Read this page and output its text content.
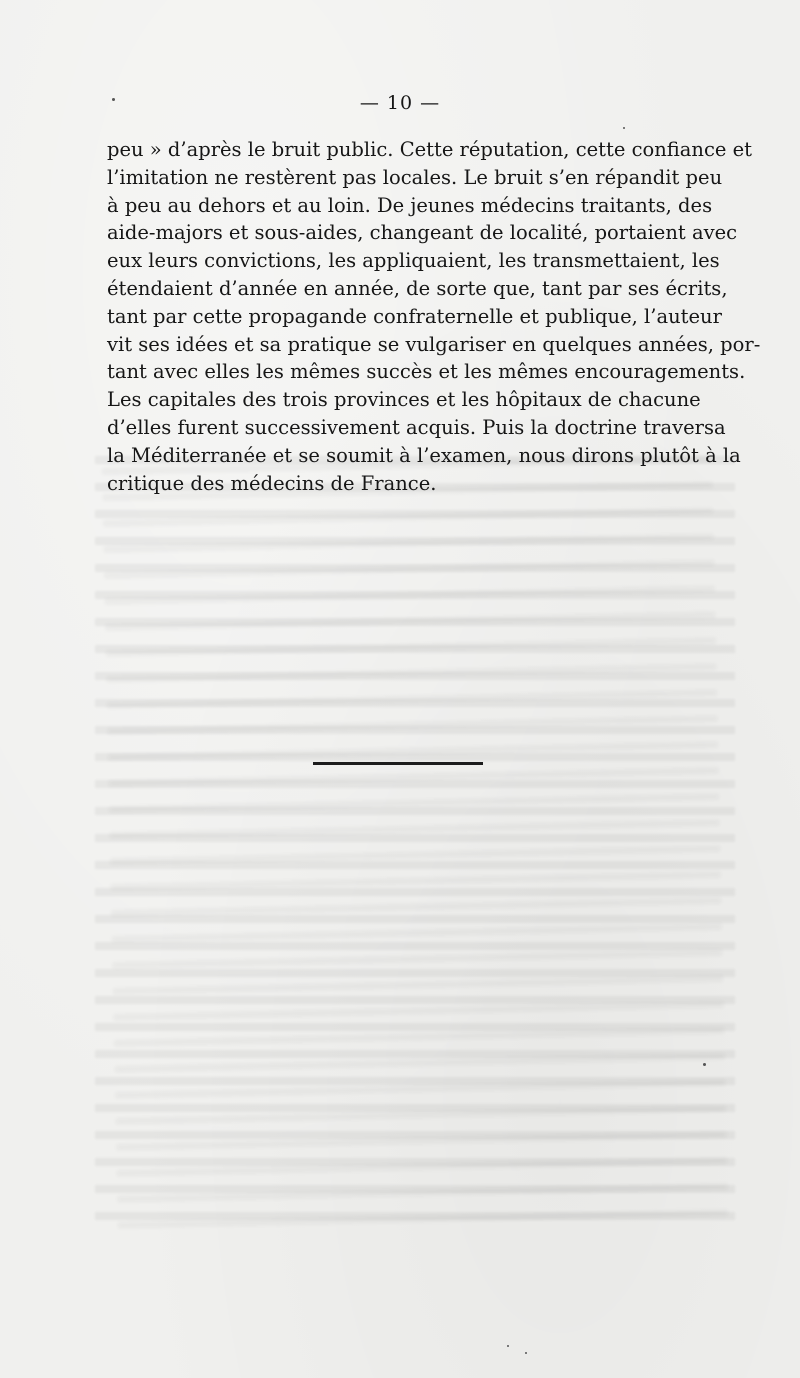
— 10 —
peu » d’après le bruit public. Cette réputation, cette confiance et
l’imitation ne restèrent pas locales. Le bruit s’en répandit peu
à peu au dehors et au loin. De jeunes médecins traitants, des
aide-majors et sous-aides, changeant de localité, portaient avec
eux leurs convictions, les appliquaient, les transmettaient, les
étendaient d’année en année, de sorte que, tant par ses écrits,
tant par cette propagande confraternelle et publique, l’auteur
vit ses idées et sa pratique se vulgariser en quelques années, por-
tant avec elles les mêmes succès et les mêmes encouragements.
Les capitales des trois provinces et les hôpitaux de chacune
d’elles furent successivement acquis. Puis la doctrine traversa
la Méditerranée et se soumit à l’examen, nous dirons plutôt à la
critique des médecins de France.
